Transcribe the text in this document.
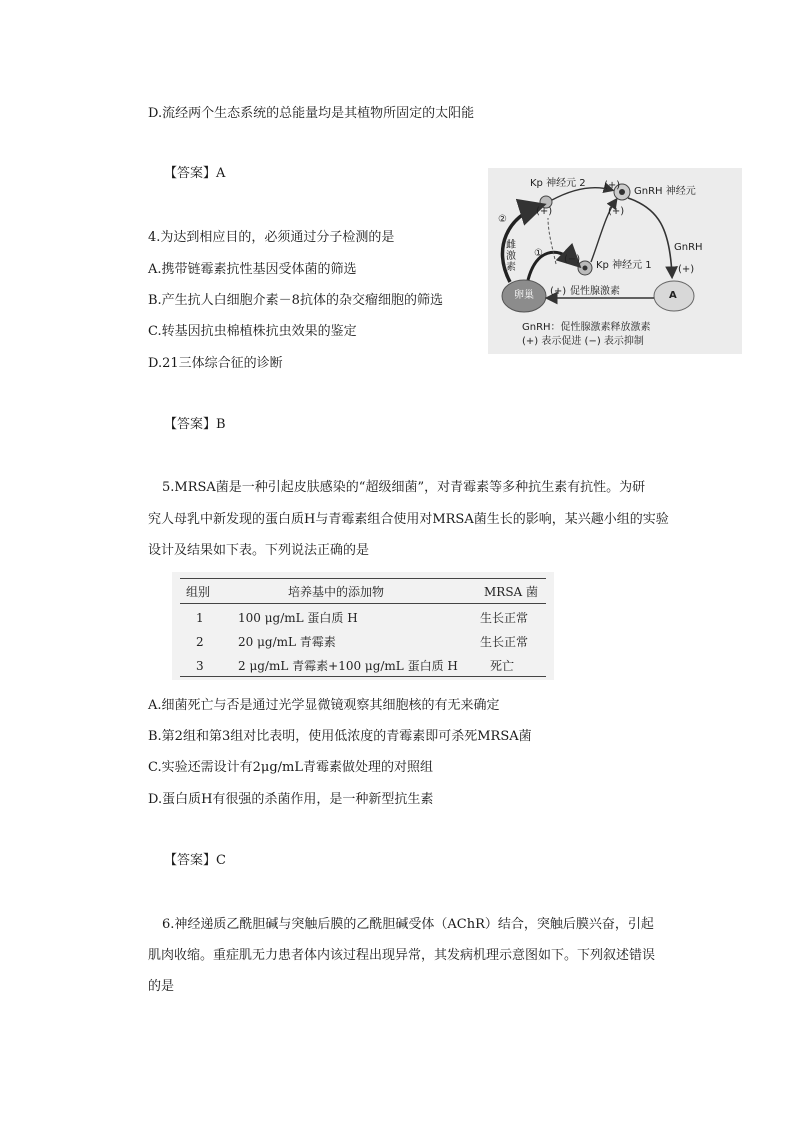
D.流经两个生态系统的总能量均是其植物所固定的太阳能
【答案】A
4.为达到相应目的，必须通过分子检测的是
A.携带链霉素抗性基因受体菌的筛选
B.产生抗人白细胞介素－8抗体的杂交瘤细胞的筛选
C.转基因抗虫棉植株抗虫效果的鉴定
D.21三体综合征的诊断
【答案】B
Kp 神经元 2 (+)
GnRH 神经元
②
(+)	(+)
雌
激
素
①
(−)
Kp 神经元 1
GnRH
(+)
卵巢 (+) 促性腺激素	A
GnRH：促性腺激素释放激素
(+) 表示促进 (−) 表示抑制
5.MRSA菌是一种引起皮肤感染的“超级细菌”，对青霉素等多种抗生素有抗性。为研
究人母乳中新发现的蛋白质H与青霉素组合使用对MRSA菌生长的影响，某兴趣小组的实验
设计及结果如下表。下列说法正确的是
组别	培养基中的添加物	MRSA 菌
1	100 μg/mL 蛋白质 H	生长正常
2	20 μg/mL 青霉素	生长正常
3	2 μg/mL 青霉素+100 μg/mL 蛋白质 H	死亡
A.细菌死亡与否是通过光学显微镜观察其细胞核的有无来确定
B.第2组和第3组对比表明，使用低浓度的青霉素即可杀死MRSA菌
C.实验还需设计有2μg/mL青霉素做处理的对照组
D.蛋白质H有很强的杀菌作用，是一种新型抗生素
【答案】C
6.神经递质乙酰胆碱与突触后膜的乙酰胆碱受体（AChR）结合，突触后膜兴奋，引起
肌肉收缩。重症肌无力患者体内该过程出现异常，其发病机理示意图如下。下列叙述错误
的是
